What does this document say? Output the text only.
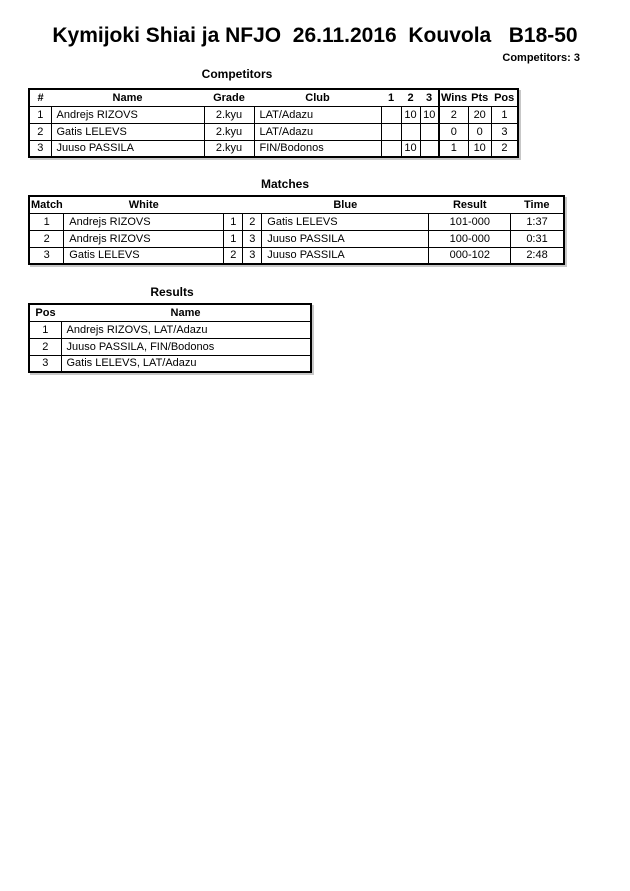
Kymijoki Shiai ja NFJO  26.11.2016  Kouvola   B18-50
Competitors: 3
Competitors
#	Name	Grade	Club	1	2	3	Wins	Pts	Pos
1	Andrejs RIZOVS	2.kyu	LAT/Adazu		10	10	2	20	1
2	Gatis LELEVS	2.kyu	LAT/Adazu				0	0	3
3	Juuso PASSILA	2.kyu	FIN/Bodonos		10		1	10	2
Matches
Match	White			Blue	Result	Time
1	Andrejs RIZOVS	1	2	Gatis LELEVS	101-000	1:37
2	Andrejs RIZOVS	1	3	Juuso PASSILA	100-000	0:31
3	Gatis LELEVS	2	3	Juuso PASSILA	000-102	2:48
Results
Pos	Name
1	Andrejs RIZOVS, LAT/Adazu
2	Juuso PASSILA, FIN/Bodonos
3	Gatis LELEVS, LAT/Adazu
